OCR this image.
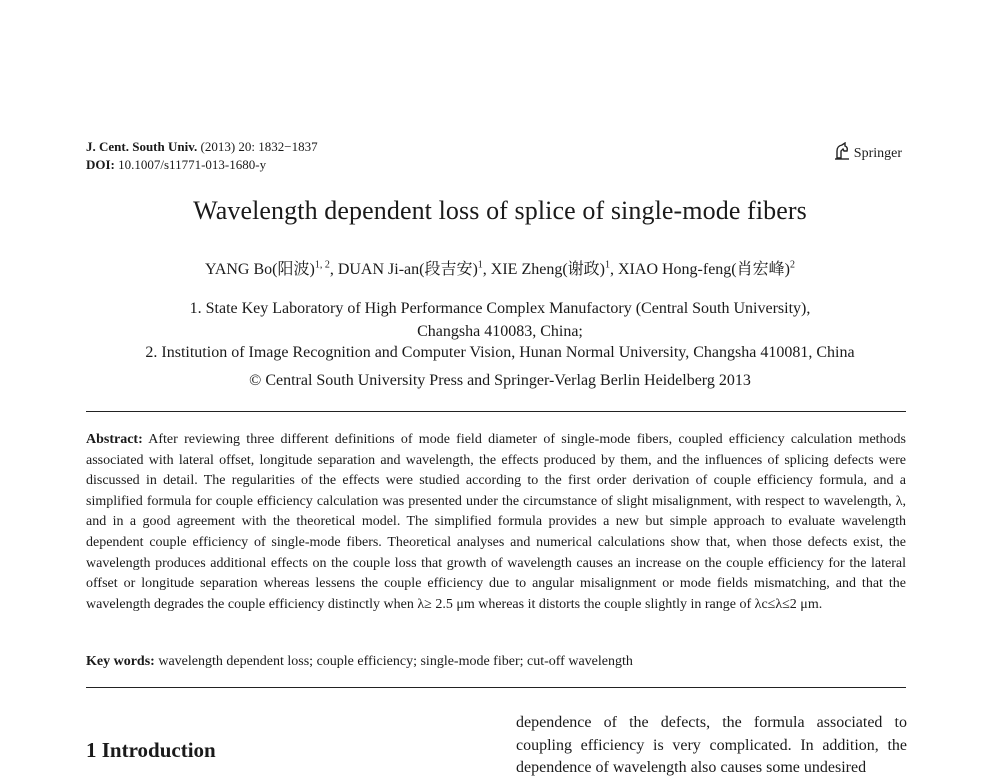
J. Cent. South Univ. (2013) 20: 1832−1837
DOI: 10.1007/s11771-013-1680-y
Springer
Wavelength dependent loss of splice of single-mode fibers
YANG Bo(阳波)$^{1, 2}$, DUAN Ji-an(段吉安)$^1$, XIE Zheng(谢政)$^1$, XIAO Hong-feng(肖宏峰)$^2$
1. State Key Laboratory of High Performance Complex Manufactory (Central South University),
Changsha 410083, China;
2. Institution of Image Recognition and Computer Vision, Hunan Normal University, Changsha 410081, China
© Central South University Press and Springer-Verlag Berlin Heidelberg 2013
Abstract: After reviewing three different definitions of mode field diameter of single-mode fibers, coupled efficiency calculation methods associated with lateral offset, longitude separation and wavelength, the effects produced by them, and the influences of splicing defects were discussed in detail. The regularities of the effects were studied according to the first order derivation of couple efficiency formula, and a simplified formula for couple efficiency calculation was presented under the circumstance of slight misalignment, with respect to wavelength, λ, and in a good agreement with the theoretical model. The simplified formula provides a new but simple approach to evaluate wavelength dependent couple efficiency of single-mode fibers. Theoretical analyses and numerical calculations show that, when those defects exist, the wavelength produces additional effects on the couple loss that growth of wavelength causes an increase on the couple efficiency for the lateral offset or longitude separation whereas lessens the couple efficiency due to angular misalignment or mode fields mismatching, and that the wavelength degrades the couple efficiency distinctly when λ≥ 2.5 μm whereas it distorts the couple slightly in range of λc≤λ≤2 μm.
Key words: wavelength dependent loss; couple efficiency; single-mode fiber; cut-off wavelength
1 Introduction
dependence of the defects, the formula associated to coupling efficiency is very complicated. In addition, the dependence of wavelength also causes some undesired
